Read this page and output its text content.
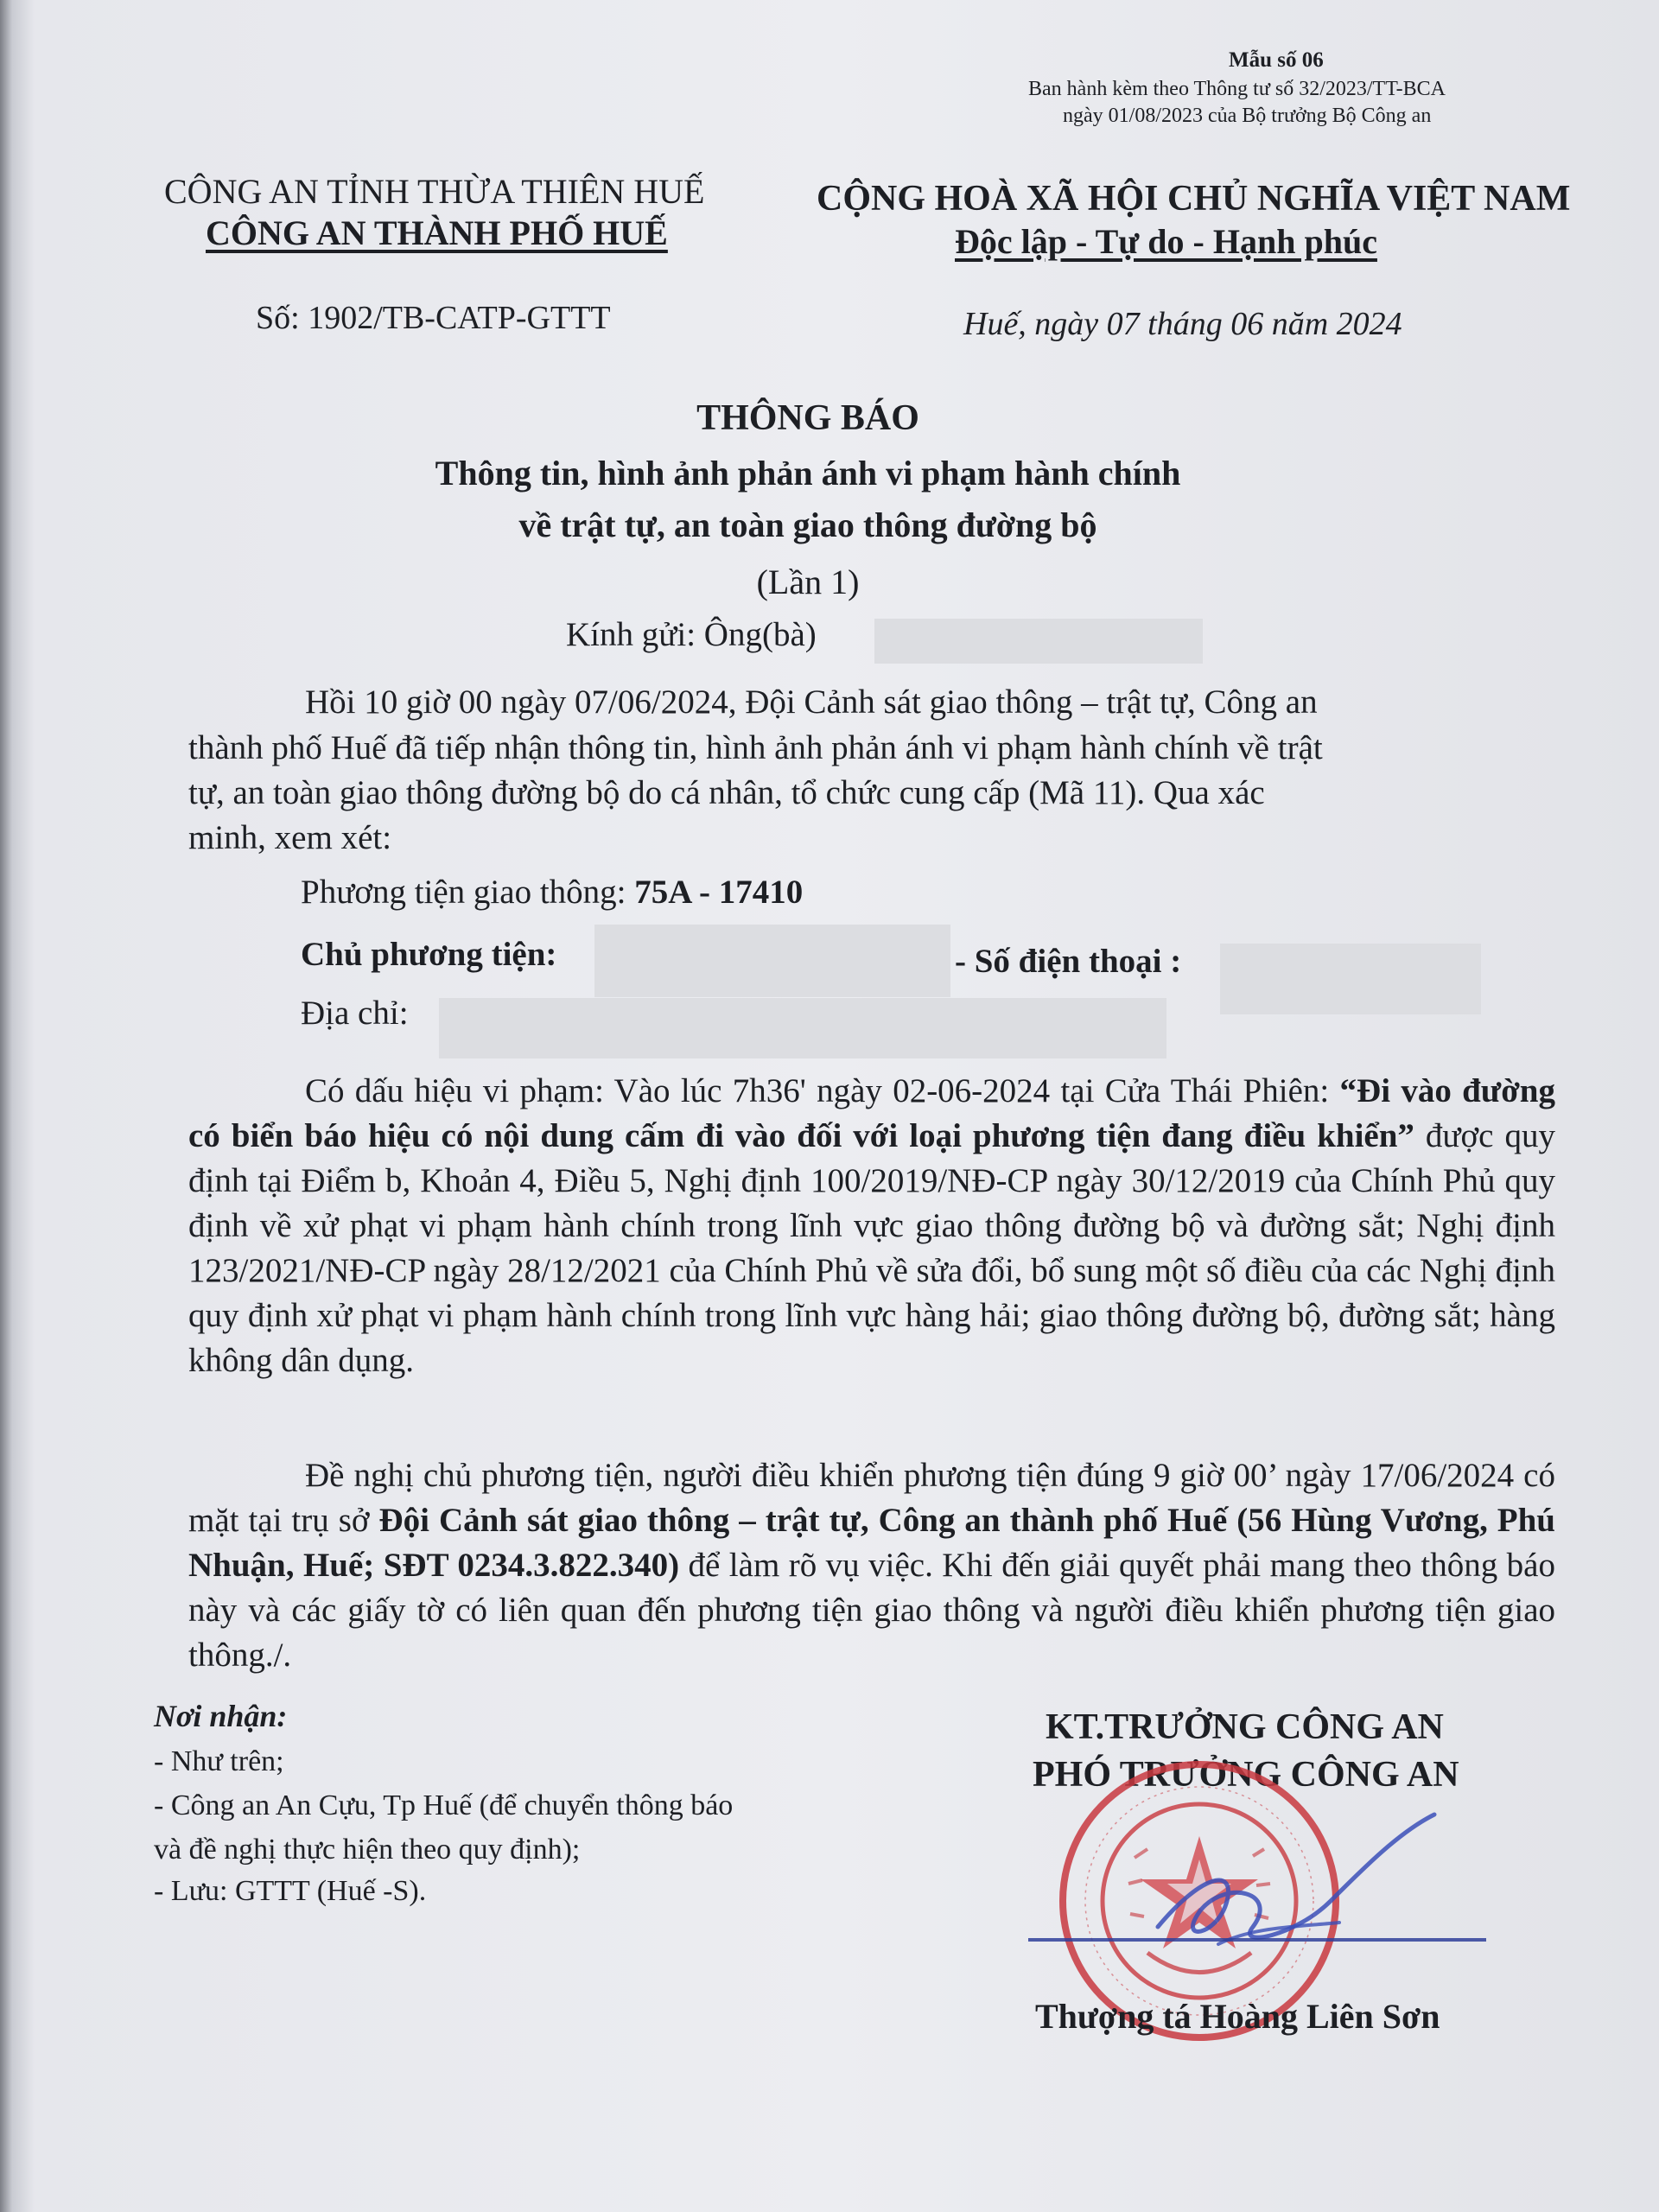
Mẫu số 06
Ban hành kèm theo Thông tư số 32/2023/TT-BCA
ngày 01/08/2023 của Bộ trưởng Bộ Công an
CÔNG AN TỈNH THỪA THIÊN HUẾ
CÔNG AN THÀNH PHỐ HUẾ
Số: 1902/TB-CATP-GTTT
CỘNG HOÀ XÃ HỘI CHỦ NGHĨA VIỆT NAM
Độc lập - Tự do - Hạnh phúc
Huế, ngày 07 tháng 06 năm 2024
THÔNG BÁO
Thông tin, hình ảnh phản ánh vi phạm hành chính
về trật tự, an toàn giao thông đường bộ
(Lần 1)
Kính gửi: Ông(bà)
Hồi 10 giờ 00 ngày 07/06/2024, Đội Cảnh sát giao thông – trật tự, Công an
thành phố Huế đã tiếp nhận thông tin, hình ảnh phản ánh vi phạm hành chính về trật
tự, an toàn giao thông đường bộ do cá nhân, tổ chức cung cấp (Mã 11). Qua xác
minh, xem xét:
Phương tiện giao thông: 75A - 17410
Chủ phương tiện:	- Số điện thoại :
Địa chỉ:
Có dấu hiệu vi phạm: Vào lúc 7h36' ngày 02-06-2024 tại Cửa Thái Phiên: “Đi vào đường có biển báo hiệu có nội dung cấm đi vào đối với loại phương tiện đang điều khiển” được quy định tại Điểm b, Khoản 4, Điều 5, Nghị định 100/2019/NĐ-CP ngày 30/12/2019 của Chính Phủ quy định về xử phạt vi phạm hành chính trong lĩnh vực giao thông đường bộ và đường sắt; Nghị định 123/2021/NĐ-CP ngày 28/12/2021 của Chính Phủ về sửa đổi, bổ sung một số điều của các Nghị định quy định xử phạt vi phạm hành chính trong lĩnh vực hàng hải; giao thông đường bộ, đường sắt; hàng không dân dụng.
Đề nghị chủ phương tiện, người điều khiển phương tiện đúng 9 giờ 00’ ngày 17/06/2024 có mặt tại trụ sở Đội Cảnh sát giao thông – trật tự, Công an thành phố Huế (56 Hùng Vương, Phú Nhuận, Huế; SĐT 0234.3.822.340) để làm rõ vụ việc. Khi đến giải quyết phải mang theo thông báo này và các giấy tờ có liên quan đến phương tiện giao thông và người điều khiển phương tiện giao thông./.
Nơi nhận:
- Như trên;
- Công an An Cựu, Tp Huế (để chuyển thông báo
và đề nghị thực hiện theo quy định);
- Lưu: GTTT (Huế -S).
KT.TRƯỞNG CÔNG AN
PHÓ TRƯỞNG CÔNG AN
Thượng tá Hoàng Liên Sơn
